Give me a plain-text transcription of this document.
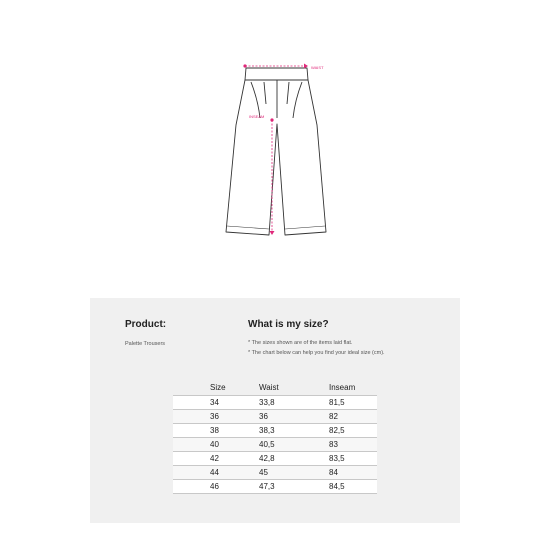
WAIST
INSEAM
Product:
Palette Trousers
What is my size?
* The sizes shown are of the items laid flat.
* The chart below can help you find your ideal size (cm).
Size	Waist	Inseam
34	33,8	81,5
36	36	82
38	38,3	82,5
40	40,5	83
42	42,8	83,5
44	45	84
46	47,3	84,5
